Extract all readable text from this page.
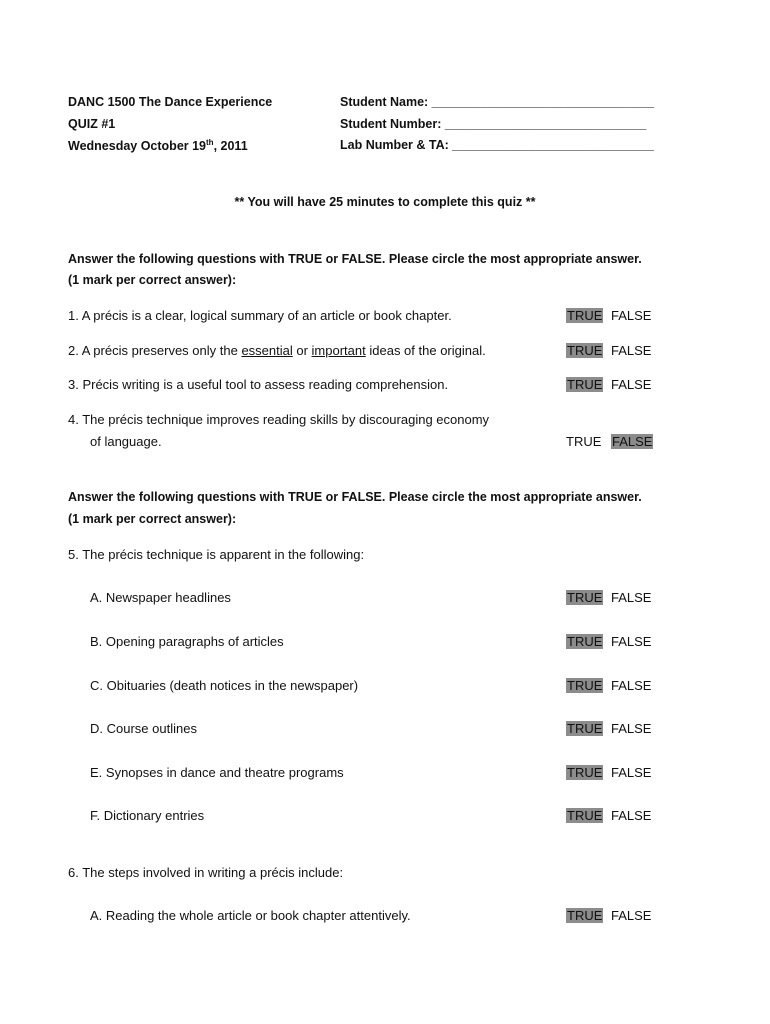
DANC 1500 The Dance Experience
QUIZ #1
Wednesday October 19th, 2011
Student Name: ________________________________
Student Number: _____________________________
Lab Number & TA: _____________________________
** You will have 25 minutes to complete this quiz **
Answer the following questions with TRUE or FALSE. Please circle the most appropriate answer.
(1 mark per correct answer):
1. A précis is a clear, logical summary of an article or book chapter.	TRUE FALSE
2. A précis preserves only the essential or important ideas of the original.	TRUE FALSE
3. Précis writing is a useful tool to assess reading comprehension.	TRUE FALSE
4. The précis technique improves reading skills by discouraging economy
of language.	TRUE FALSE
Answer the following questions with TRUE or FALSE. Please circle the most appropriate answer.
(1 mark per correct answer):
5. The précis technique is apparent in the following:
A. Newspaper headlines	TRUE FALSE
B. Opening paragraphs of articles	TRUE FALSE
C. Obituaries (death notices in the newspaper)	TRUE FALSE
D. Course outlines	TRUE FALSE
E. Synopses in dance and theatre programs	TRUE FALSE
F. Dictionary entries	TRUE FALSE
6. The steps involved in writing a précis include:
A. Reading the whole article or book chapter attentively.	TRUE FALSE
